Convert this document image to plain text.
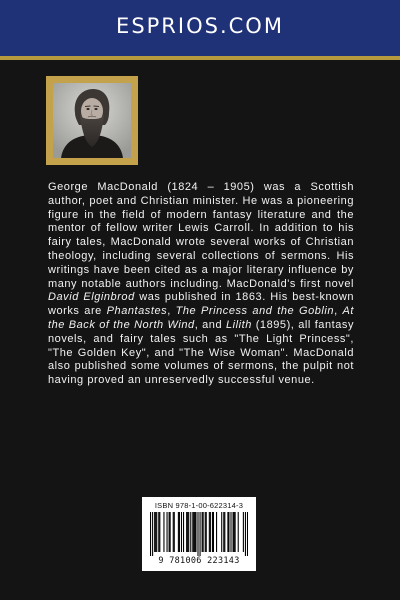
ESPRIOS.COM
George MacDonald (1824 – 1905) was a Scottish author, poet and Christian minister. He was a pioneering figure in the field of modern fantasy literature and the mentor of fellow writer Lewis Carroll. In addition to his fairy tales, MacDonald wrote several works of Christian theology, including several collections of sermons. His writings have been cited as a major literary influence by many notable authors including. MacDonald's first novel David Elginbrod was published in 1863. His best-known works are Phantastes, The Princess and the Goblin, At the Back of the North Wind, and Lilith (1895), all fantasy novels, and fairy tales such as "The Light Princess", "The Golden Key", and "The Wise Woman". MacDonald also published some volumes of sermons, the pulpit not having proved an unreservedly successful venue.
ISBN 978-1-00-622314-3
9 781006 223143
